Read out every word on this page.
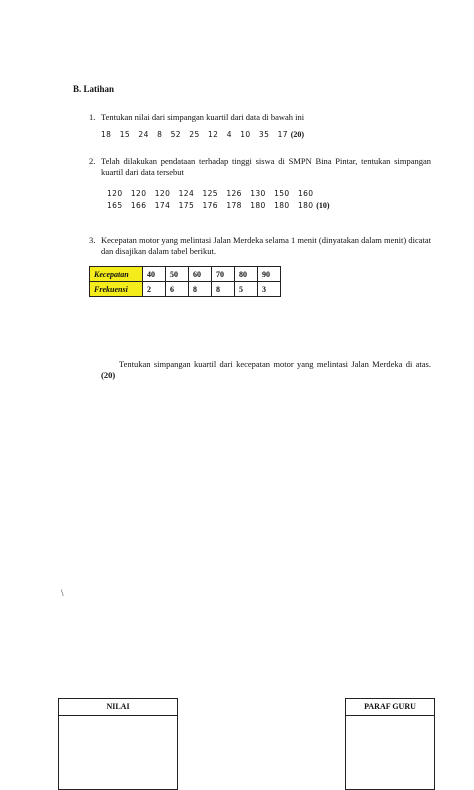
B. Latihan
1. Tentukan nilai dari simpangan kuartil dari data di bawah ini
18   15   24   8   52   25   12   4   10   35   17 (20)
2. Telah dilakukan pendataan terhadap tinggi siswa di SMPN Bina Pintar, tentukan simpangan kuartil dari data tersebut
120   120   120   124   125   126   130   150   160
165   166   174   175   176   178   180   180   180 (10)
3. Kecepatan motor yang melintasi Jalan Merdeka selama 1 menit (dinyatakan dalam menit) dicatat dan disajikan dalam tabel berikut.
Kecepatan	40	50	60	70	80	90
Frekuensi	2	6	8	8	5	3

Tentukan simpangan kuartil dari kecepatan motor yang melintasi Jalan Merdeka di atas. (20)
\
NILAI	PARAF GURU
